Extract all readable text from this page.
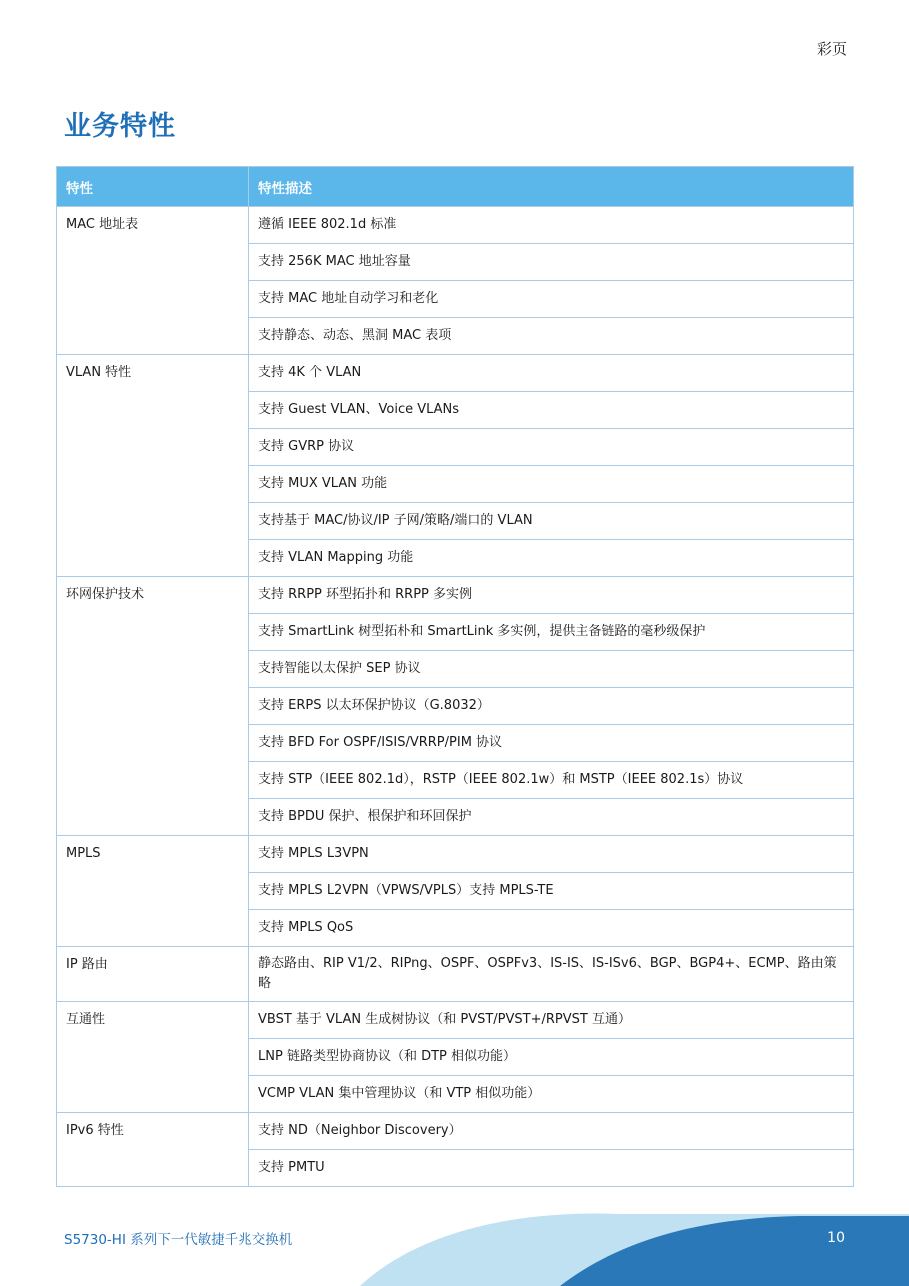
彩页
业务特性
特性	特性描述
MAC 地址表	遵循 IEEE 802.1d 标准
	支持 256K MAC 地址容量
	支持 MAC 地址自动学习和老化
	支持静态、动态、黑洞 MAC 表项
VLAN 特性	支持 4K 个 VLAN
	支持 Guest VLAN、Voice VLANs
	支持 GVRP 协议
	支持 MUX VLAN 功能
	支持基于 MAC/协议/IP 子网/策略/端口的 VLAN
	支持 VLAN Mapping 功能
环网保护技术	支持 RRPP 环型拓扑和 RRPP 多实例
	支持 SmartLink 树型拓朴和 SmartLink 多实例，提供主备链路的毫秒级保护
	支持智能以太保护 SEP 协议
	支持 ERPS 以太环保护协议（G.8032）
	支持 BFD For OSPF/ISIS/VRRP/PIM 协议
	支持 STP（IEEE 802.1d），RSTP（IEEE 802.1w）和 MSTP（IEEE 802.1s）协议
	支持 BPDU 保护、根保护和环回保护
MPLS	支持 MPLS L3VPN
	支持 MPLS L2VPN（VPWS/VPLS）支持 MPLS-TE
	支持 MPLS QoS
IP 路由	静态路由、RIP V1/2、RIPng、OSPF、OSPFv3、IS-IS、IS-ISv6、BGP、BGP4+、ECMP、路由策略
互通性	VBST 基于 VLAN 生成树协议（和 PVST/PVST+/RPVST 互通）
	LNP 链路类型协商协议（和 DTP 相似功能）
	VCMP VLAN 集中管理协议（和 VTP 相似功能）
IPv6 特性	支持 ND（Neighbor Discovery）
	支持 PMTU
S5730-HI 系列下一代敏捷千兆交换机	10
